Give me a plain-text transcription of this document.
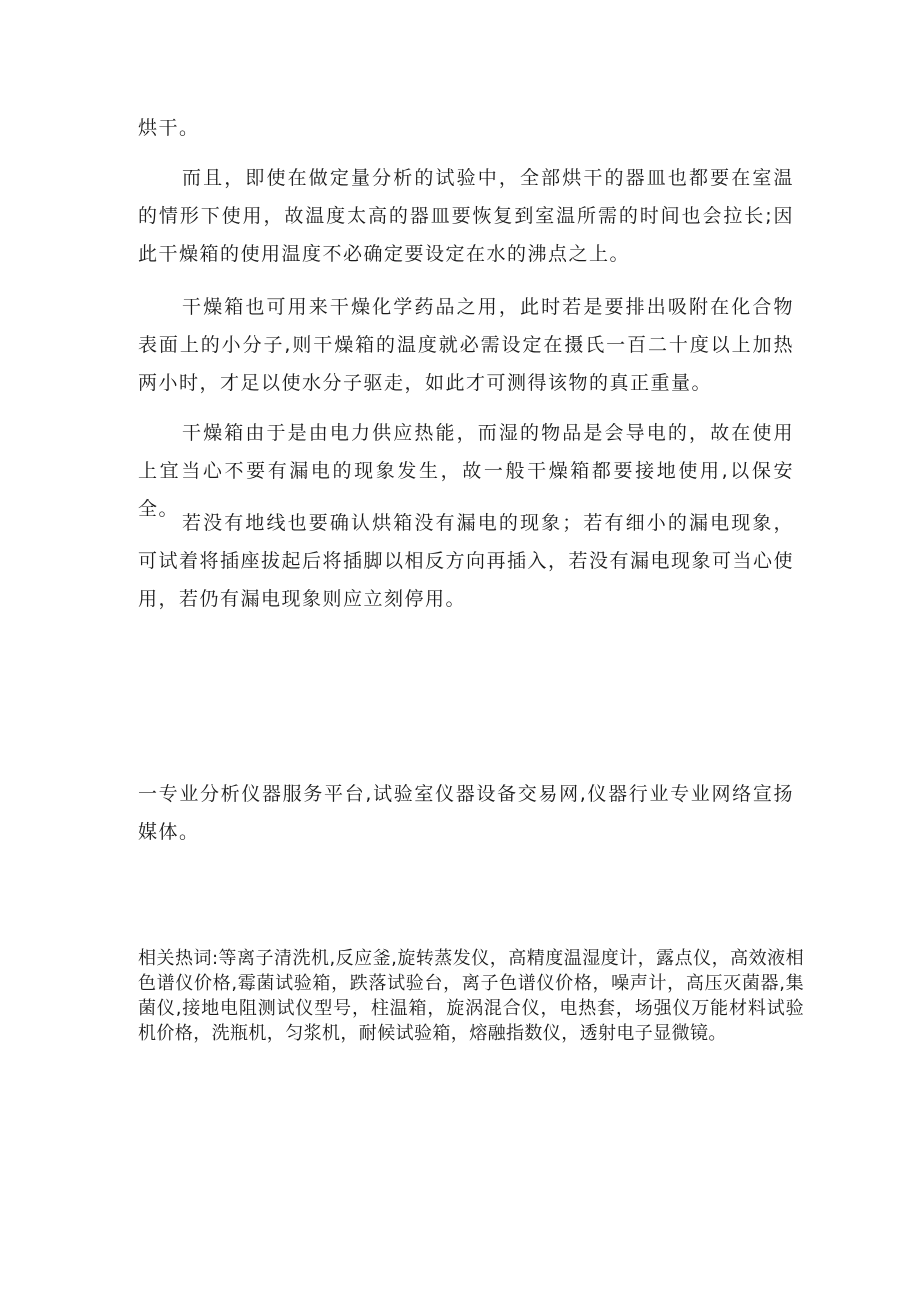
烘干。

而且，即使在做定量分析的试验中，全部烘干的器皿也都要在室温的情形下使用，故温度太高的器皿要恢复到室温所需的时间也会拉长;因此干燥箱的使用温度不必确定要设定在水的沸点之上。

干燥箱也可用来干燥化学药品之用，此时若是要排出吸附在化合物表面上的小分子,则干燥箱的温度就必需设定在摄氏一百二十度以上加热两小时，才足以使水分子驱走，如此才可测得该物的真正重量。

干燥箱由于是由电力供应热能，而湿的物品是会导电的，故在使用上宜当心不要有漏电的现象发生，故一般干燥箱都要接地使用,以保安全。

若没有地线也要确认烘箱没有漏电的现象；若有细小的漏电现象，可试着将插座拔起后将插脚以相反方向再插入，若没有漏电现象可当心使用，若仍有漏电现象则应立刻停用。

一专业分析仪器服务平台,试验室仪器设备交易网,仪器行业专业网络宣扬媒体。

相关热词:等离子清洗机,反应釜,旋转蒸发仪，高精度温湿度计，露点仪，高效液相色谱仪价格,霉菌试验箱，跌落试验台，离子色谱仪价格，噪声计，高压灭菌器,集菌仪,接地电阻测试仪型号，柱温箱，旋涡混合仪，电热套，场强仪万能材料试验机价格，洗瓶机，匀浆机，耐候试验箱，熔融指数仪，透射电子显微镜。
